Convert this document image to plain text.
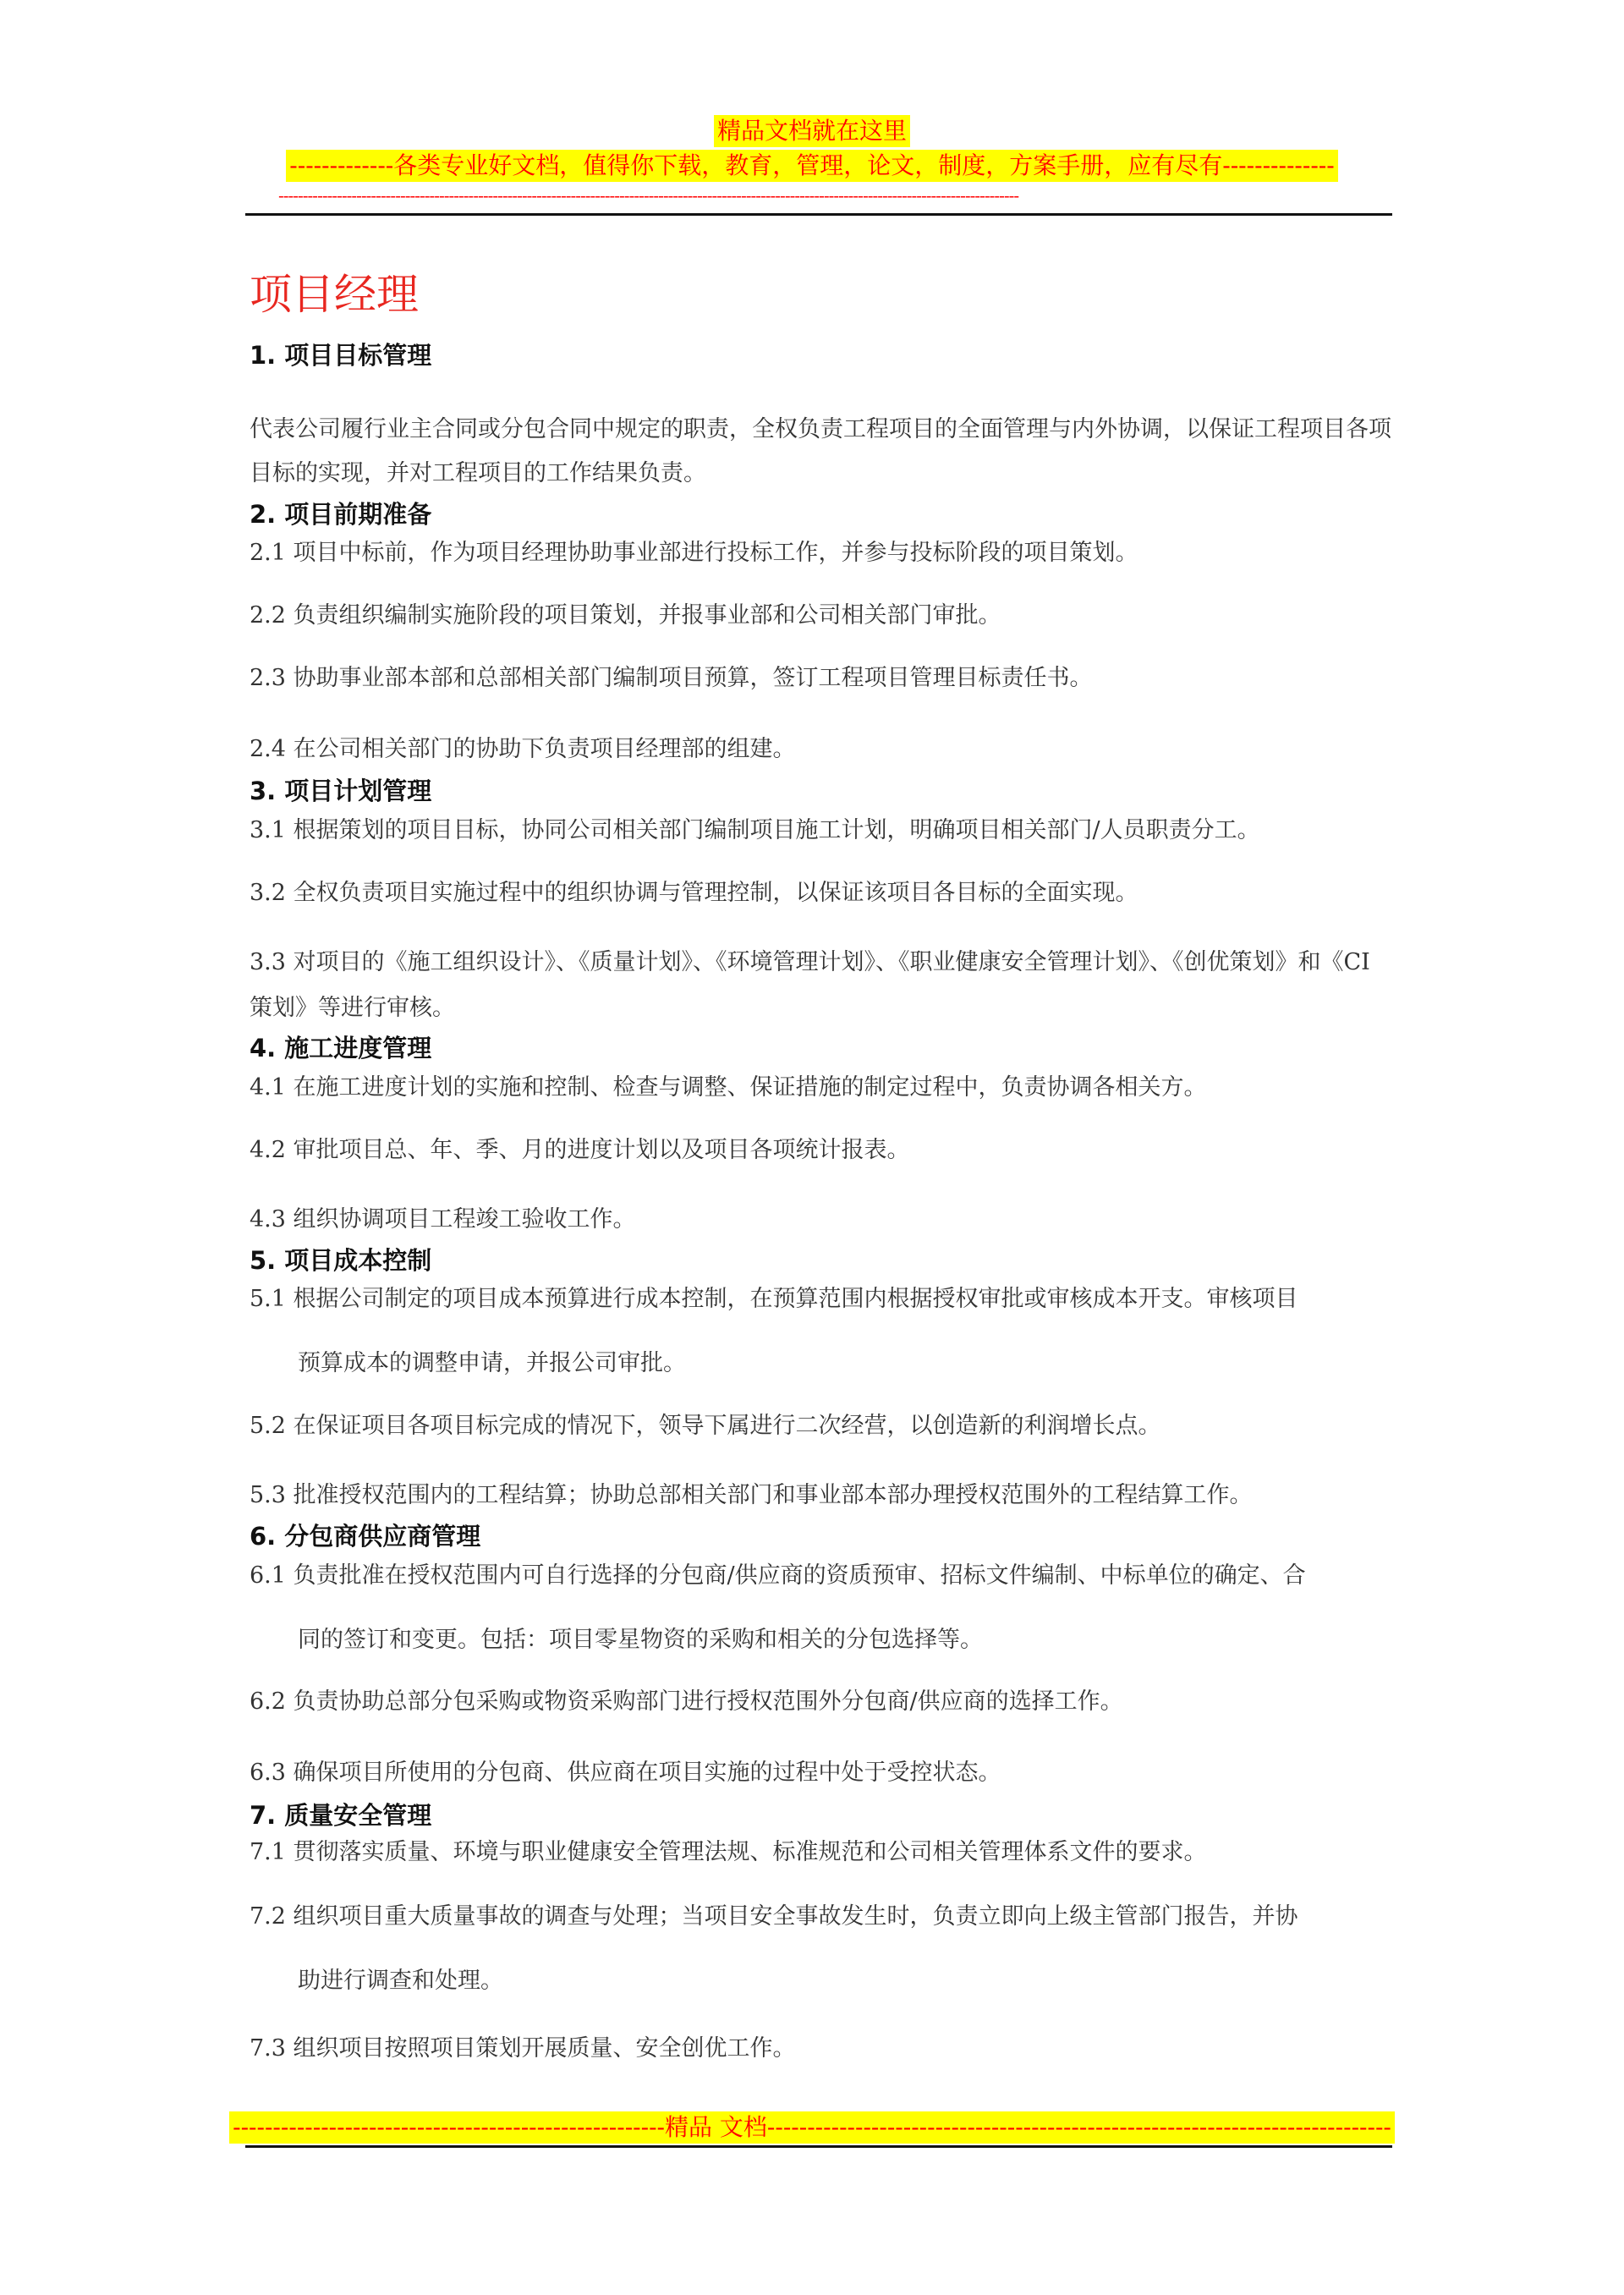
精品文档就在这里
-------------各类专业好文档，值得你下载，教育，管理，论文，制度，方案手册，应有尽有--------------
--------------------------------------------------------------------------------------------------------------------------------------------------------
项目经理
1. 项目目标管理

代表公司履行业主合同或分包合同中规定的职责，全权负责工程项目的全面管理与内外协调，以保证工程项目各项目标的实现，并对工程项目的工作结果负责。

2. 项目前期准备

2.1 项目中标前，作为项目经理协助事业部进行投标工作，并参与投标阶段的项目策划。

2.2 负责组织编制实施阶段的项目策划，并报事业部和公司相关部门审批。

2.3 协助事业部本部和总部相关部门编制项目预算，签订工程项目管理目标责任书。

2.4 在公司相关部门的协助下负责项目经理部的组建。

3. 项目计划管理

3.1 根据策划的项目目标，协同公司相关部门编制项目施工计划，明确项目相关部门/人员职责分工。

3.2 全权负责项目实施过程中的组织协调与管理控制，以保证该项目各目标的全面实现。

3.3 对项目的《施工组织设计》、《质量计划》、《环境管理计划》、《职业健康安全管理计划》、《创优策划》和《CI 策划》等进行审核。

4. 施工进度管理

4.1 在施工进度计划的实施和控制、检查与调整、保证措施的制定过程中，负责协调各相关方。

4.2 审批项目总、年、季、月的进度计划以及项目各项统计报表。

4.3 组织协调项目工程竣工验收工作。

5. 项目成本控制

5.1 根据公司制定的项目成本预算进行成本控制，在预算范围内根据授权审批或审核成本开支。审核项目

预算成本的调整申请，并报公司审批。

5.2 在保证项目各项目标完成的情况下，领导下属进行二次经营，以创造新的利润增长点。

5.3 批准授权范围内的工程结算；协助总部相关部门和事业部本部办理授权范围外的工程结算工作。

6. 分包商供应商管理

6.1 负责批准在授权范围内可自行选择的分包商/供应商的资质预审、招标文件编制、中标单位的确定、合

同的签订和变更。包括：项目零星物资的采购和相关的分包选择等。

6.2 负责协助总部分包采购或物资采购部门进行授权范围外分包商/供应商的选择工作。

6.3 确保项目所使用的分包商、供应商在项目实施的过程中处于受控状态。

7. 质量安全管理

7.1 贯彻落实质量、环境与职业健康安全管理法规、标准规范和公司相关管理体系文件的要求。

7.2 组织项目重大质量事故的调查与处理；当项目安全事故发生时，负责立即向上级主管部门报告，并协

助进行调查和处理。

7.3 组织项目按照项目策划开展质量、安全创优工作。

------------------------------------------------------精品 文档------------------------------------------------------------------------------
